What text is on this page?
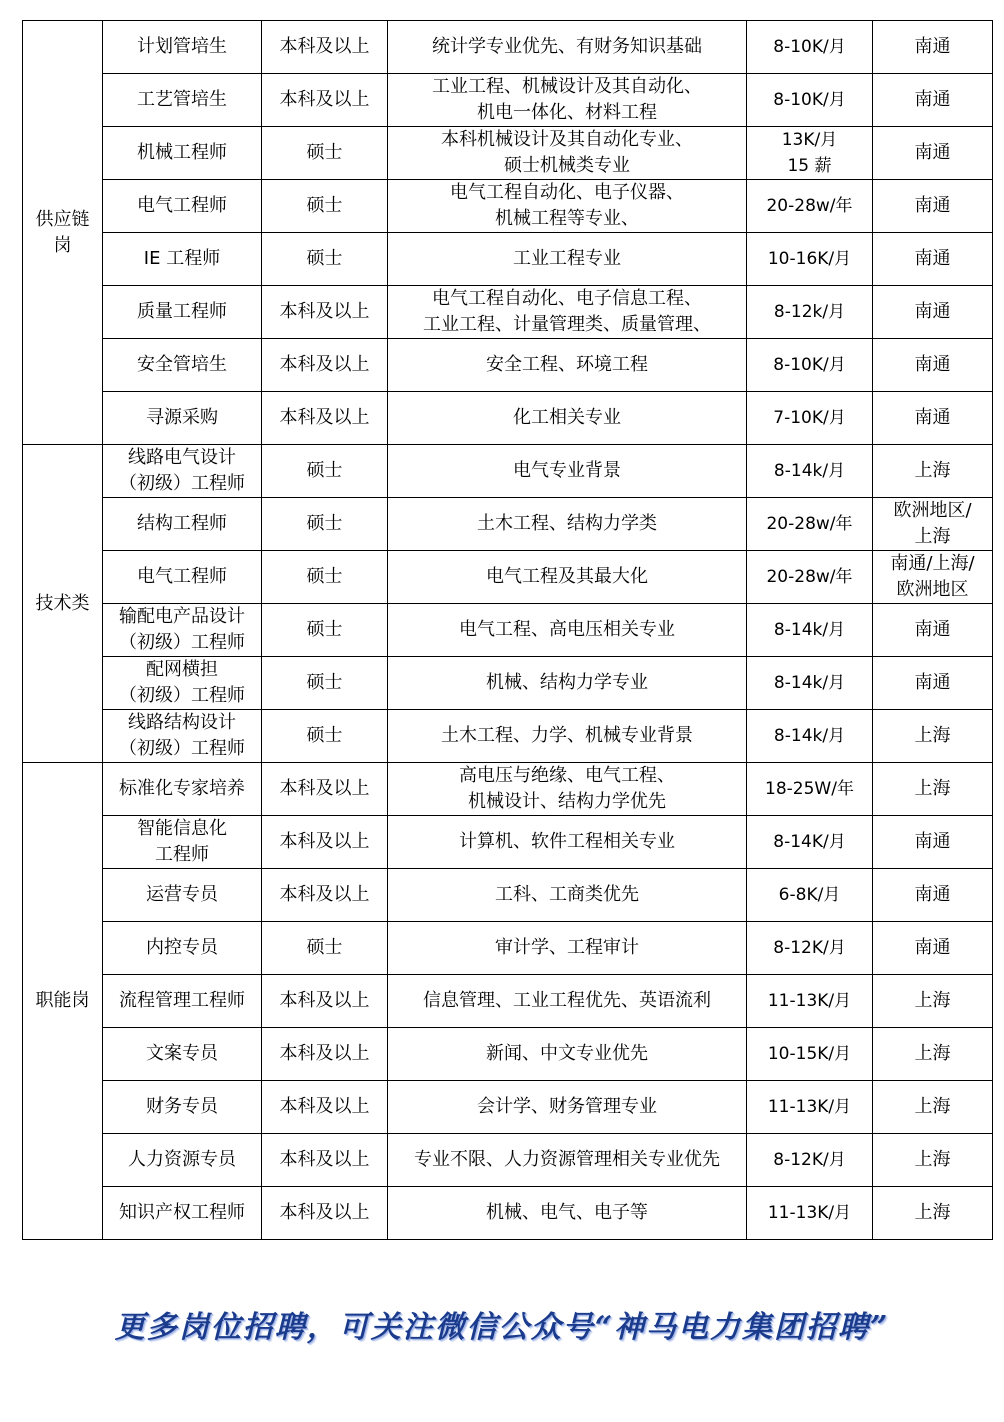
供应链岗	计划管培生	本科及以上	统计学专业优先、有财务知识基础	8-10K/月	南通

	工艺管培生	本科及以上	工业工程、机械设计及其自动化、
机电一体化、材料工程	8-10K/月	南通

	机械工程师	硕士	本科机械设计及其自动化专业、
硕士机械类专业	13K/月
15 薪	南通

	电气工程师	硕士	电气工程自动化、电子仪器、
机械工程等专业、	20-28w/年	南通

	IE 工程师	硕士	工业工程专业	10-16K/月	南通

	质量工程师	本科及以上	电气工程自动化、电子信息工程、
工业工程、计量管理类、质量管理、	8-12k/月	南通

	安全管培生	本科及以上	安全工程、环境工程	8-10K/月	南通

	寻源采购	本科及以上	化工相关专业	7-10K/月	南通

技术类	线路电气设计
（初级）工程师	硕士	电气专业背景	8-14k/月	上海

	结构工程师	硕士	土木工程、结构力学类	20-28w/年	欧洲地区/
上海

	电气工程师	硕士	电气工程及其最大化	20-28w/年	南通/上海/
欧洲地区

	输配电产品设计
（初级）工程师	硕士	电气工程、高电压相关专业	8-14k/月	南通

	配网横担
（初级）工程师	硕士	机械、结构力学专业	8-14k/月	南通

	线路结构设计
（初级）工程师	硕士	土木工程、力学、机械专业背景	8-14k/月	上海

职能岗	标准化专家培养	本科及以上	高电压与绝缘、电气工程、
机械设计、结构力学优先	18-25W/年	上海

	智能信息化
工程师	本科及以上	计算机、软件工程相关专业	8-14K/月	南通

	运营专员	本科及以上	工科、工商类优先	6-8K/月	南通

	内控专员	硕士	审计学、工程审计	8-12K/月	南通

	流程管理工程师	本科及以上	信息管理、工业工程优先、英语流利	11-13K/月	上海

	文案专员	本科及以上	新闻、中文专业优先	10-15K/月	上海

	财务专员	本科及以上	会计学、财务管理专业	11-13K/月	上海

	人力资源专员	本科及以上	专业不限、人力资源管理相关专业优先	8-12K/月	上海

	知识产权工程师	本科及以上	机械、电气、电子等	11-13K/月	上海
更多岗位招聘，可关注微信公众号“神马电力集团招聘”
